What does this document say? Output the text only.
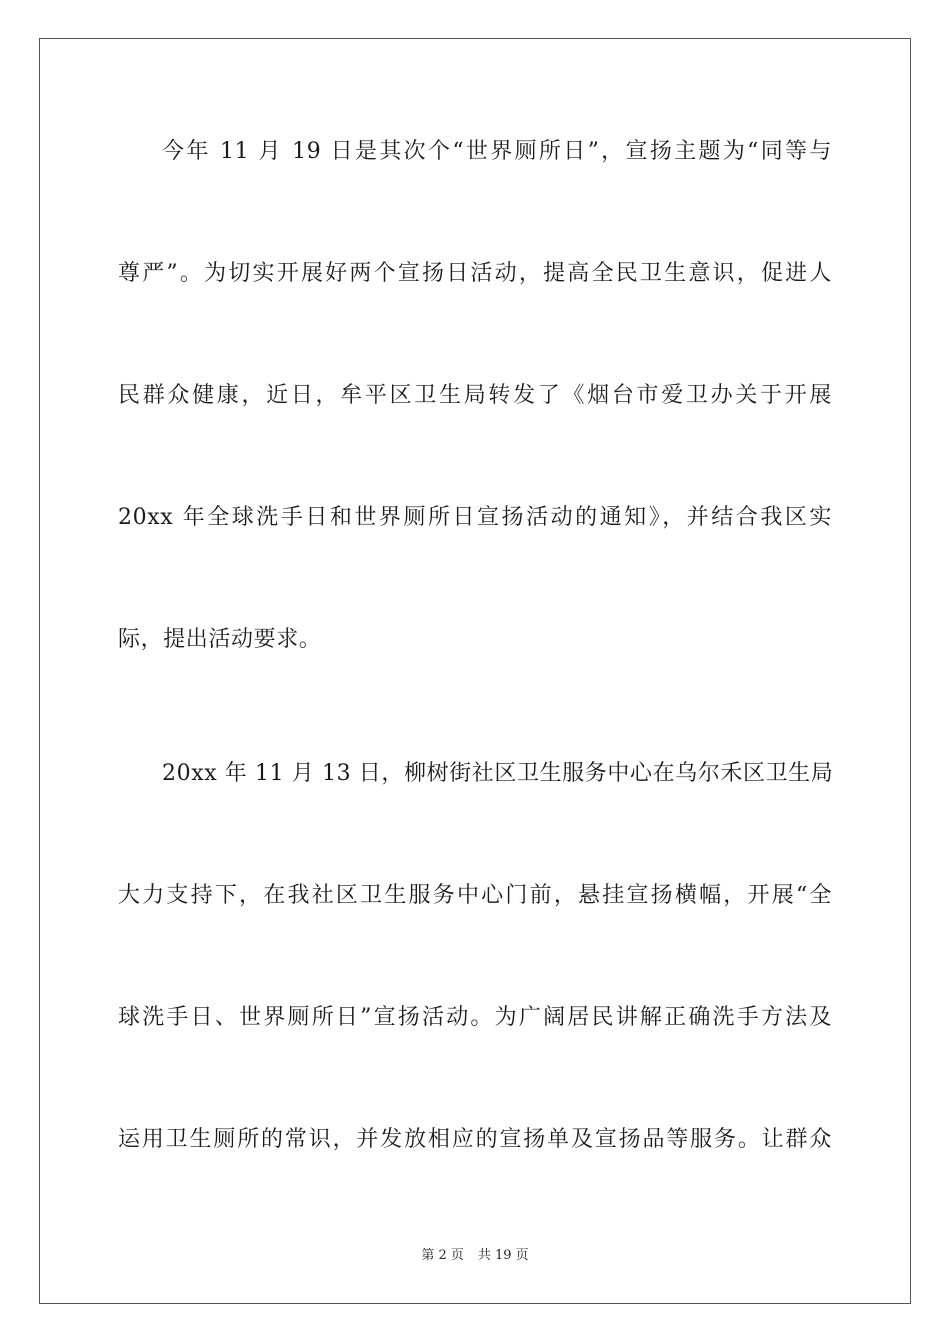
今年 11 月 19 日是其次个“世界厕所日”，宣扬主题为“同等与
尊严”。为切实开展好两个宣扬日活动，提高全民卫生意识，促进人
民群众健康，近日，牟平区卫生局转发了《烟台市爱卫办关于开展
20xx 年全球洗手日和世界厕所日宣扬活动的通知》，并结合我区实
际，提出活动要求。
20xx 年 11 月 13 日，柳树街社区卫生服务中心在乌尔禾区卫生局
大力支持下，在我社区卫生服务中心门前，悬挂宣扬横幅，开展“全
球洗手日、世界厕所日”宣扬活动。为广阔居民讲解正确洗手方法及
运用卫生厕所的常识，并发放相应的宣扬单及宣扬品等服务。让群众
第 2 页 共 19 页
